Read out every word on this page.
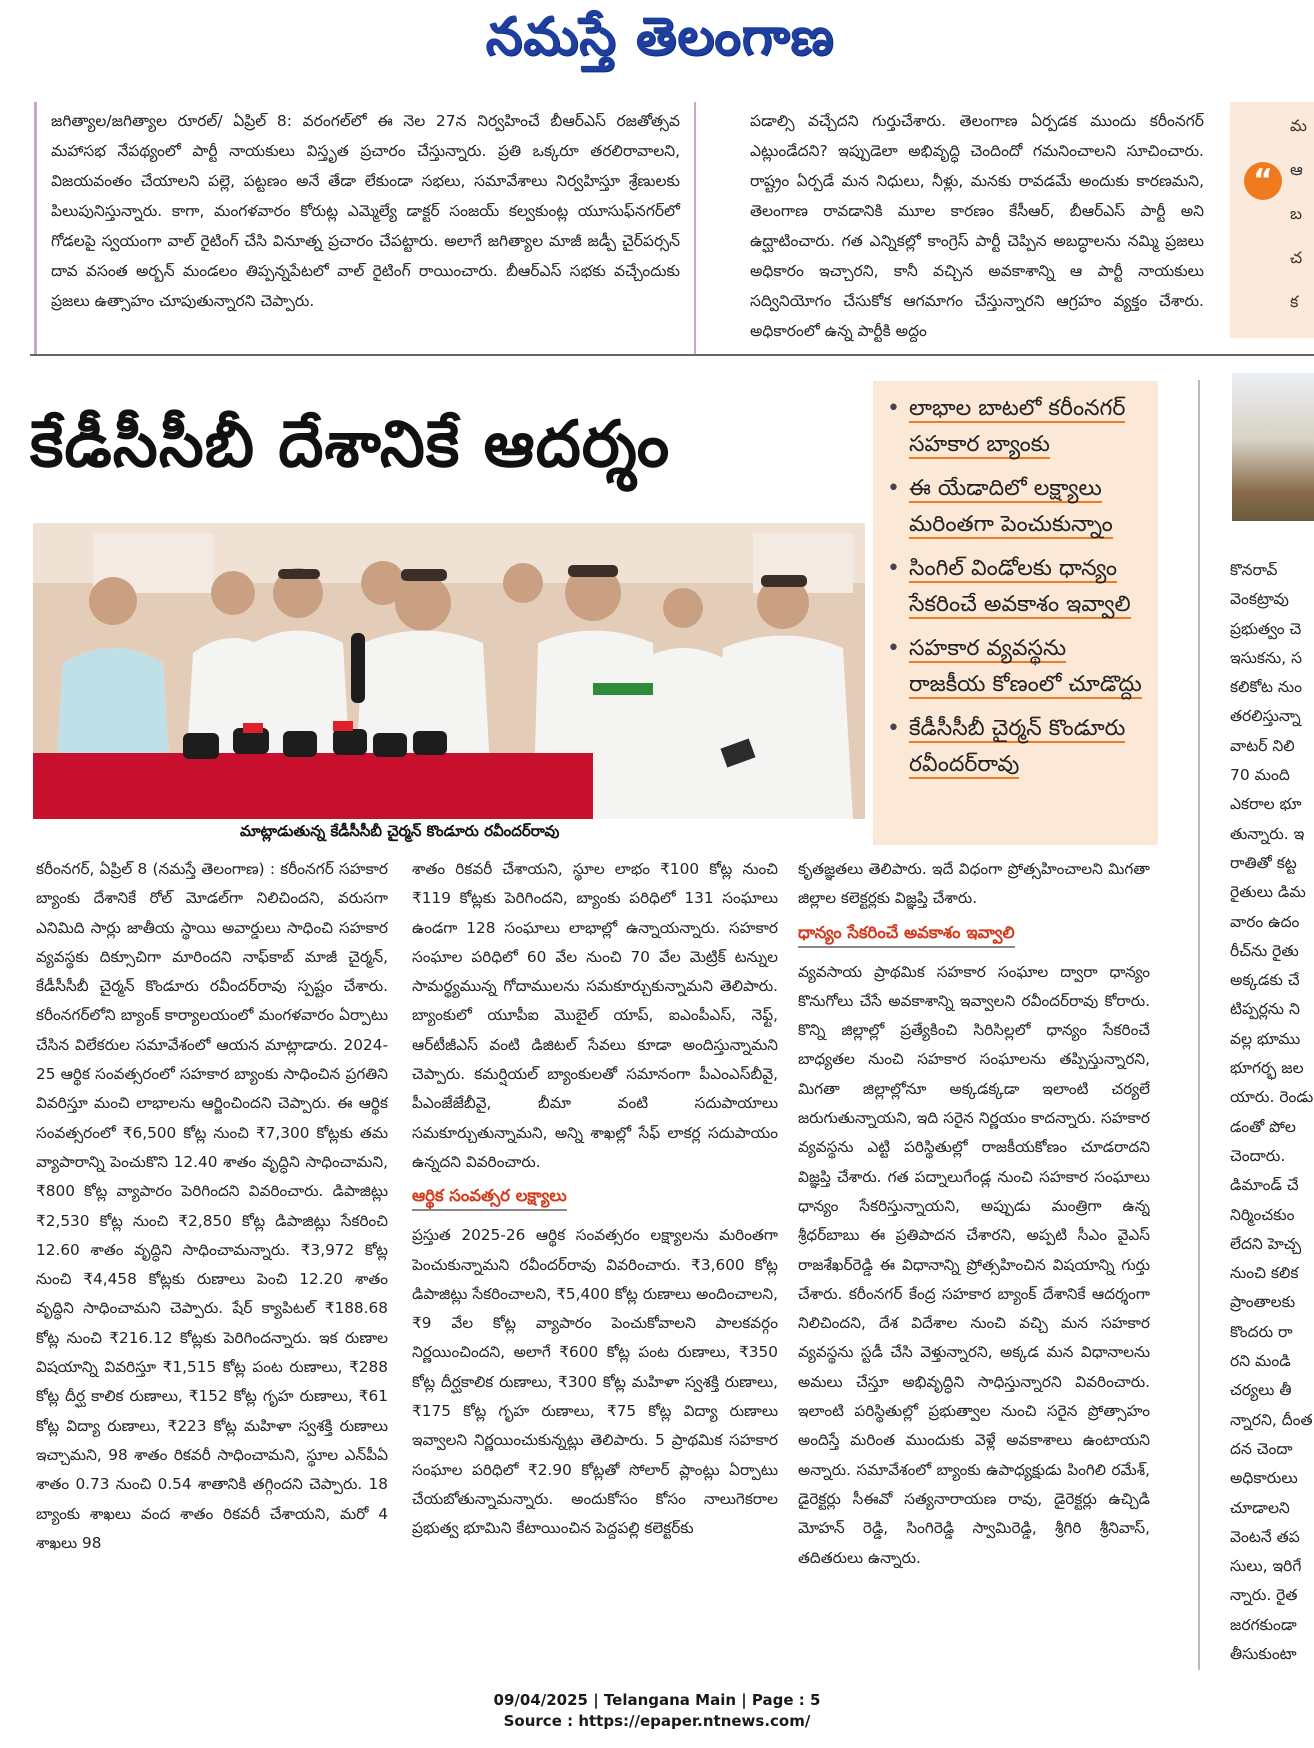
నమస్తే తెలంగాణ
జగిత్యాల/జగిత్యాల రూరల్/ ఏప్రిల్ 8: వరంగల్‌లో ఈ నెల 27న నిర్వహించే బీఆర్‌ఎస్ రజతోత్సవ మహాసభ నేపథ్యంలో పార్టీ నాయకులు విస్తృత ప్రచారం చేస్తున్నారు. ప్రతి ఒక్కరూ తరలిరావాలని, విజయవంతం చేయాలని పల్లె, పట్టణం అనే తేడా లేకుండా సభలు, సమావేశాలు నిర్వహిస్తూ శ్రేణులకు పిలుపునిస్తున్నారు. కాగా, మంగళవారం కోరుట్ల ఎమ్మెల్యే డాక్టర్ సంజయ్ కల్వకుంట్ల యూసుఫ్‌నగర్‌లో గోడలపై స్వయంగా వాల్ రైటింగ్ చేసి వినూత్న ప్రచారం చేపట్టారు. అలాగే జగిత్యాల మాజీ జడ్పీ చైర్‌పర్సన్ దావ వసంత అర్బన్ మండలం తిప్పన్నపేటలో వాల్ రైటింగ్ రాయించారు. బీఆర్‌ఎస్ సభకు వచ్చేందుకు ప్రజలు ఉత్సాహం చూపుతున్నారని చెప్పారు.
పడాల్సి వచ్చేదని గుర్తుచేశారు. తెలంగాణ ఏర్పడక ముందు కరీంనగర్ ఎట్లుండేదని? ఇప్పుడెలా అభివృద్ధి చెందిందో గమనించాలని సూచించారు. రాష్ట్రం ఏర్పడే మన నిధులు, నీళ్లు, మనకు రావడమే అందుకు కారణమని, తెలంగాణ రావడానికి మూల కారణం కేసీఆర్, బీఆర్‌ఎస్ పార్టీ అని ఉద్ఘాటించారు. గత ఎన్నికల్లో కాంగ్రెస్ పార్టీ చెప్పిన అబద్ధాలను నమ్మి ప్రజలు అధికారం ఇచ్చారని, కానీ వచ్చిన అవకాశాన్ని ఆ పార్టీ నాయకులు సద్వినియోగం చేసుకోక ఆగమాగం చేస్తున్నారని ఆగ్రహం వ్యక్తం చేశారు. అధికారంలో ఉన్న పార్టీకి అద్దం
“
మ
ఆ
బ
చ
క
కేడీసీసీబీ దేశానికే ఆదర్శం
మాట్లాడుతున్న కేడీసీసీబీ చైర్మన్ కొండూరు రవీందర్‌రావు
• లాభాల బాటలో కరీంనగర్ సహకార బ్యాంకు
• ఈ యేడాదిలో లక్ష్యాలు మరింతగా పెంచుకున్నాం
• సింగిల్ విండోలకు ధాన్యం సేకరించే అవకాశం ఇవ్వాలి
• సహకార వ్యవస్థను రాజకీయ కోణంలో చూడొద్దు
• కేడీసీసీబీ చైర్మన్ కొండూరు రవీందర్‌రావు
కొనరావ్
వెంకట్రావు
ప్రభుత్వం చె
ఇసుకను, స
కలికోట నుం
తరలిస్తున్నా
వాటర్ నిలి
70 మంది
ఎకరాల భూ
తున్నారు. ఇ
రాతితో కట్ట
రైతులు డిమ
వారం ఉదం
రీచ్‌ను రైతు
అక్కడకు చే
టిప్పర్లను ని
వల్ల భూము
భూగర్భ జల
యారు. రెండు
డంతో పోల
చెందారు.
డిమాండ్ చే
నిర్మించకుం
లేదని హెచ్చ
నుంచి కలిక
ప్రాంతాలకు
కొందరు రా
రని మండి
చర్యలు తీ
న్నారని, దీంత
దన చెందా
అధికారులు
చూడాలని
వెంటనే తప
సులు, ఇరిగే
న్నారు. రైత
జరగకుండా
తీసుకుంటా

కరీంనగర్, ఏప్రిల్ 8 (నమస్తే తెలంగాణ) : కరీంనగర్ సహకార బ్యాంకు దేశానికే రోల్ మోడల్‌గా నిలిచిందని, వరుసగా ఎనిమిది సార్లు జాతీయ స్థాయి అవార్డులు సాధించి సహకార వ్యవస్థకు దిక్సూచిగా మారిందని నాఫ్‌కాబ్ మాజీ చైర్మన్, కేడీసీసీబీ చైర్మన్ కొండూరు రవీందర్‌రావు స్పష్టం చేశారు. కరీంనగర్‌లోని బ్యాంక్ కార్యాలయంలో మంగళవారం ఏర్పాటు చేసిన విలేకరుల సమావేశంలో ఆయన మాట్లాడారు. 2024-25 ఆర్థిక సంవత్సరంలో సహకార బ్యాంకు సాధించిన ప్రగతిని వివరిస్తూ మంచి లాభాలను ఆర్జించిందని చెప్పారు. ఈ ఆర్థిక సంవత్సరంలో ₹6,500 కోట్ల నుంచి ₹7,300 కోట్లకు తమ వ్యాపారాన్ని పెంచుకొని 12.40 శాతం వృద్ధిని సాధించామని, ₹800 కోట్ల వ్యాపారం పెరిగిందని వివరించారు. డిపాజిట్లు ₹2,530 కోట్ల నుంచి ₹2,850 కోట్ల డిపాజిట్లు సేకరించి 12.60 శాతం వృద్ధిని సాధించామన్నారు. ₹3,972 కోట్ల నుంచి ₹4,458 కోట్లకు రుణాలు పెంచి 12.20 శాతం వృద్ధిని సాధించామని చెప్పారు. షేర్ క్యాపిటల్ ₹188.68 కోట్ల నుంచి ₹216.12 కోట్లకు పెరిగిందన్నారు. ఇక రుణాల విషయాన్ని వివరిస్తూ ₹1,515 కోట్ల పంట రుణాలు, ₹288 కోట్ల దీర్ఘ కాలిక రుణాలు, ₹152 కోట్ల గృహ రుణాలు, ₹61 కోట్ల విద్యా రుణాలు, ₹223 కోట్ల మహిళా స్వశక్తి రుణాలు ఇచ్చామని, 98 శాతం రికవరీ సాధించామని, స్థూల ఎన్‌పీఏ శాతం 0.73 నుంచి 0.54 శాతానికి తగ్గిందని చెప్పారు. 18 బ్యాంకు శాఖలు వంద శాతం రికవరీ చేశాయని, మరో 4 శాఖలు 98

శాతం రికవరీ చేశాయని, స్థూల లాభం ₹100 కోట్ల నుంచి ₹119 కోట్లకు పెరిగిందని, బ్యాంకు పరిధిలో 131 సంఘాలు ఉండగా 128 సంఘాలు లాభాల్లో ఉన్నాయన్నారు. సహకార సంఘాల పరిధిలో 60 వేల నుంచి 70 వేల మెట్రిక్ టన్నుల సామర్థ్యమున్న గోదాములను సమకూర్చుకున్నామని తెలిపారు. బ్యాంకులో యూపీఐ మొబైల్ యాప్, ఐఎంపీఎస్, నెఫ్ట్, ఆర్‌టీజీఎస్ వంటి డిజిటల్ సేవలు కూడా అందిస్తున్నామని చెప్పారు. కమర్షియల్ బ్యాంకులతో సమానంగా పీఎంఎస్‌బీవై, పీఎంజేజేబీవై, బీమా వంటి సదుపాయాలు సమకూర్చుతున్నామని, అన్ని శాఖల్లో సేఫ్ లాకర్ల సదుపాయం ఉన్నదని వివరించారు.

ఆర్థిక సంవత్సర లక్ష్యాలు

ప్రస్తుత 2025-26 ఆర్థిక సంవత్సరం లక్ష్యాలను మరింతగా పెంచుకున్నామని రవీందర్‌రావు వివరించారు. ₹3,600 కోట్ల డిపాజిట్లు సేకరించాలని, ₹5,400 కోట్ల రుణాలు అందించాలని, ₹9 వేల కోట్ల వ్యాపారం పెంచుకోవాలని పాలకవర్గం నిర్ణయించిందని, అలాగే ₹600 కోట్ల పంట రుణాలు, ₹350 కోట్ల దీర్ఘకాలిక రుణాలు, ₹300 కోట్ల మహిళా స్వశక్తి రుణాలు, ₹175 కోట్ల గృహ రుణాలు, ₹75 కోట్ల విద్యా రుణాలు ఇవ్వాలని నిర్ణయించుకున్నట్లు తెలిపారు. 5 ప్రాథమిక సహకార సంఘాల పరిధిలో ₹2.90 కోట్లతో సోలార్ ప్లాంట్లు ఏర్పాటు చేయబోతున్నామన్నారు. అందుకోసం కోసం నాలుగెకరాల ప్రభుత్వ భూమిని కేటాయించిన పెద్దపల్లి కలెక్టర్‌కు

కృతజ్ఞతలు తెలిపారు. ఇదే విధంగా ప్రోత్సహించాలని మిగతా జిల్లాల కలెక్టర్లకు విజ్ఞప్తి చేశారు.

ధాన్యం సేకరించే అవకాశం ఇవ్వాలి

వ్యవసాయ ప్రాథమిక సహకార సంఘాల ద్వారా ధాన్యం కొనుగోలు చేసే అవకాశాన్ని ఇవ్వాలని రవీందర్‌రావు కోరారు. కొన్ని జిల్లాల్లో ప్రత్యేకించి సిరిసిల్లలో ధాన్యం సేకరించే బాధ్యతల నుంచి సహకార సంఘాలను తప్పిస్తున్నారని, మిగతా జిల్లాల్లోనూ అక్కడక్కడా ఇలాంటి చర్యలే జరుగుతున్నాయని, ఇది సరైన నిర్ణయం కాదన్నారు. సహకార వ్యవస్థను ఎట్టి పరిస్థితుల్లో రాజకీయకోణం చూడరాదని విజ్ఞప్తి చేశారు. గత పద్నాలుగేండ్ల నుంచి సహకార సంఘాలు ధాన్యం సేకరిస్తున్నాయని, అప్పుడు మంత్రిగా ఉన్న శ్రీధర్‌బాబు ఈ ప్రతిపాదన చేశారని, అప్పటి సీఎం వైఎస్ రాజశేఖర్‌రెడ్డి ఈ విధానాన్ని ప్రోత్సహించిన విషయాన్ని గుర్తు చేశారు. కరీంనగర్ కేంద్ర సహకార బ్యాంక్ దేశానికే ఆదర్శంగా నిలిచిందని, దేశ విదేశాల నుంచి వచ్చి మన సహకార వ్యవస్థను స్టడీ చేసి వెళ్తున్నారని, అక్కడ మన విధానాలను అమలు చేస్తూ అభివృద్ధిని సాధిస్తున్నారని వివరించారు. ఇలాంటి పరిస్థితుల్లో ప్రభుత్వాల నుంచి సరైన ప్రోత్సాహం అందిస్తే మరింత ముందుకు వెళ్లే అవకాశాలు ఉంటాయని అన్నారు. సమావేశంలో బ్యాంకు ఉపాధ్యక్షుడు పింగిలి రమేశ్, డైరెక్టర్లు సీఈవో సత్యనారాయణ రావు, డైరెక్టర్లు ఉచ్చిడి మోహన్ రెడ్డి, సింగిరెడ్డి స్వామిరెడ్డి, శ్రీగిరి శ్రీనివాస్, తదితరులు ఉన్నారు.

09/04/2025 | Telangana Main | Page : 5
Source : https://epaper.ntnews.com/
